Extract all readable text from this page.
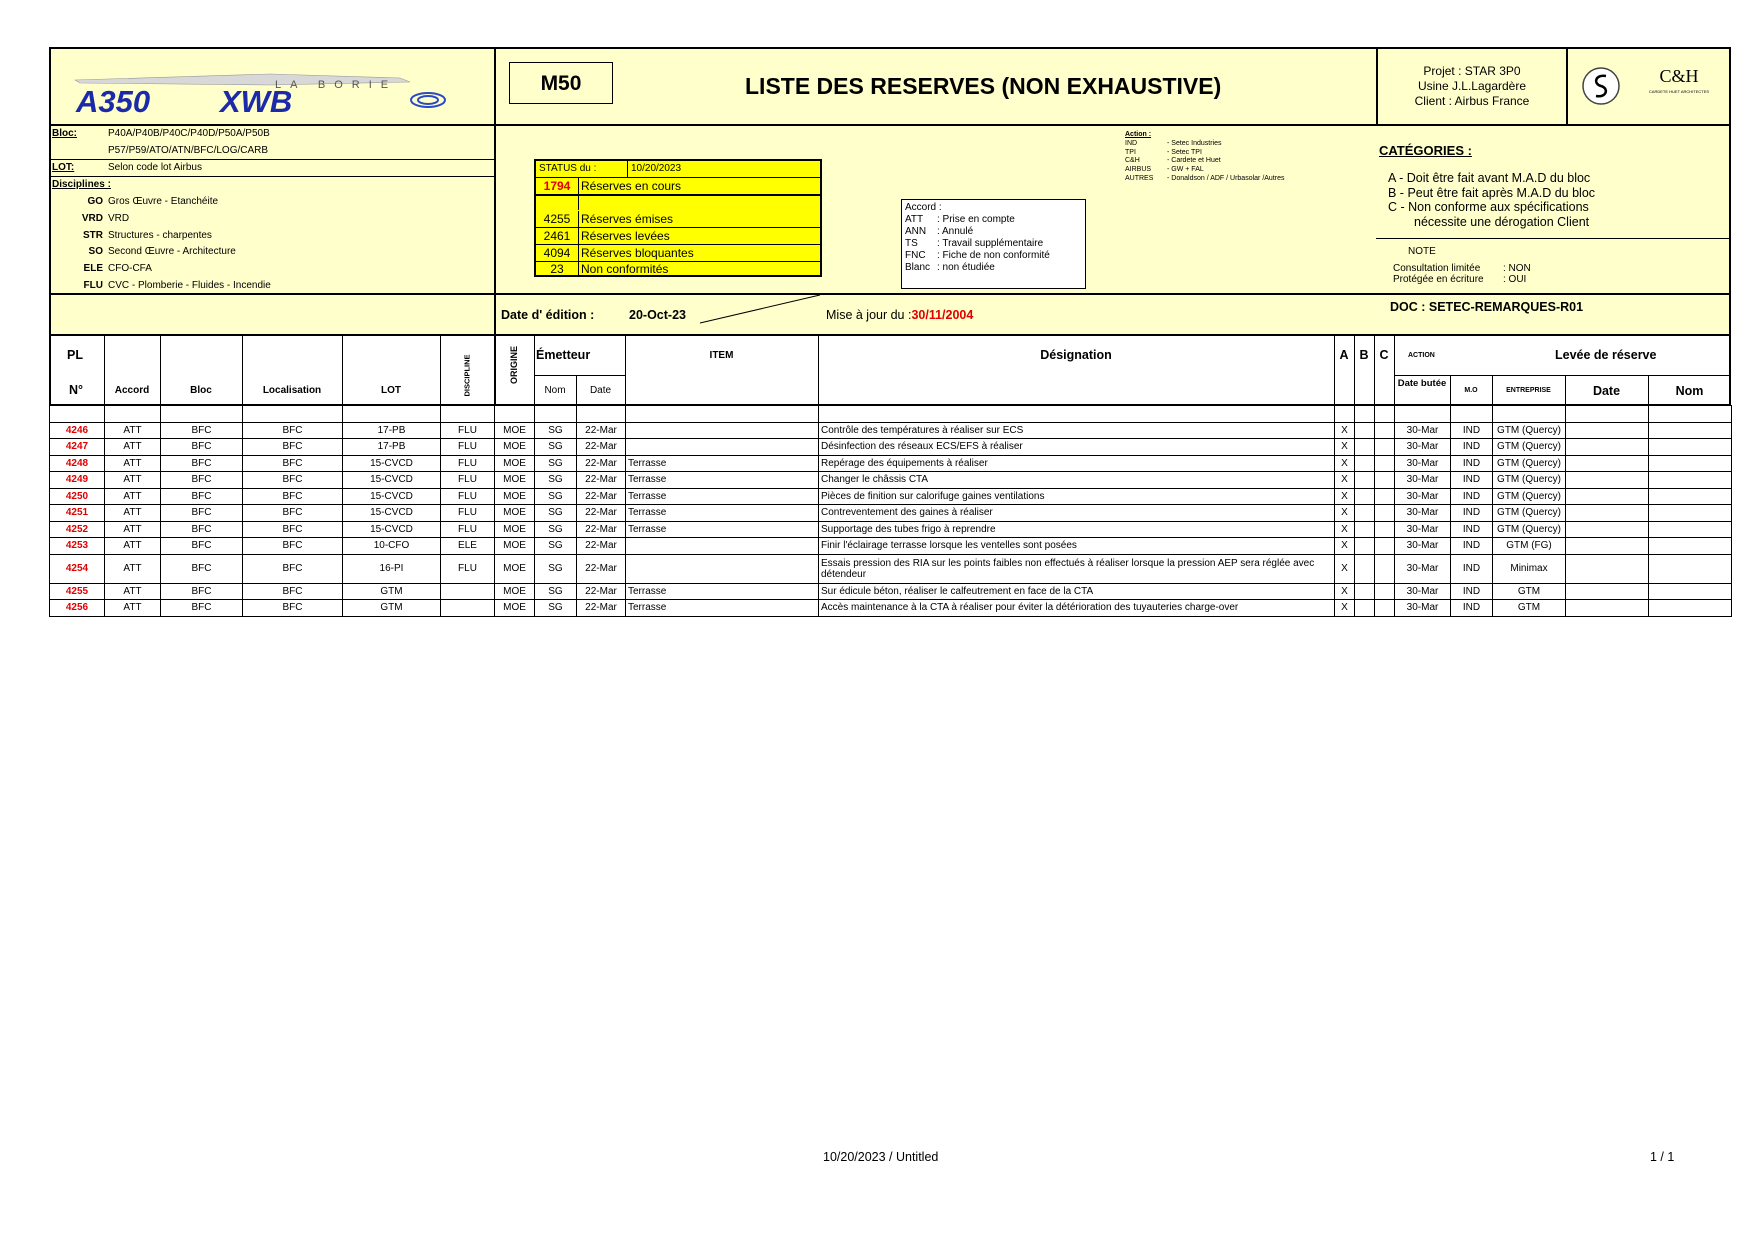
LA BORIE
A350 XWB
M50	LISTE DES RESERVES (NON EXHAUSTIVE)
Projet : STAR 3P0
Usine J.L.Lagardère
Client : Airbus France
C&H
CARDETE HUET ARCHITECTES
Bloc:	P40A/P40B/P40C/P40D/P50A/P50B
P57/P59/ATO/ATN/BFC/LOG/CARB
LOT:	Selon code lot Airbus
Disciplines :
GO Gros Œuvre - Etanchéite
VRD VRD
STR Structures - charpentes
SO Second Œuvre - Architecture
ELE CFO-CFA
FLU CVC - Plomberie - Fluides - Incendie
STATUS du :	10/20/2023
1794 Réserves en cours
4255 Réserves émises
2461 Réserves levées
4094 Réserves bloquantes
23	Non conformités
Accord :
ATT : Prise en compte
ANN : Annulé
TS : Travail supplémentaire
FNC : Fiche de non conformité
Blanc : non étudiée
Action :
IND	- Setec Industries
TPI	- Setec TPI
C&H	- Cardete et Huet
AIRBUS - GW + FAL
AUTRES - Donaldson / ADF / Urbasolar /Autres
CATÉGORIES :
A - Doit être fait avant M.A.D du bloc
B - Peut être fait après M.A.D du bloc
C - Non conforme aux spécifications
nécessite une dérogation Client
NOTE
Consultation limitée : NON
Protégée en écriture : OUI
DOC : SETEC-REMARQUES-R01
Date d' édition :	20-Oct-23	Mise à jour du :30/11/2004
PL
N°	Accord	Bloc	Localisation	LOT	DISCIPLINE	ORIGINE Émetteur
Nom	Date
ITEM	Désignation	A B C	ACTION	Levée de réserve
Date butée
M.O	ENTREPRISE	Date	Nom

4246	ATT	BFC	BFC	17-PB	FLU	MOE	SG	22-Mar		Contrôle des températures à réaliser sur ECS	X			30-Mar	IND	GTM (Quercy)		
4247	ATT	BFC	BFC	17-PB	FLU	MOE	SG	22-Mar		Désinfection des réseaux ECS/EFS à réaliser	X			30-Mar	IND	GTM (Quercy)		
4248	ATT	BFC	BFC	15-CVCD	FLU	MOE	SG	22-Mar	Terrasse	Repérage des équipements à réaliser	X			30-Mar	IND	GTM (Quercy)		
4249	ATT	BFC	BFC	15-CVCD	FLU	MOE	SG	22-Mar	Terrasse	Changer le châssis CTA	X			30-Mar	IND	GTM (Quercy)		
4250	ATT	BFC	BFC	15-CVCD	FLU	MOE	SG	22-Mar	Terrasse	Pièces de finition sur calorifuge gaines ventilations	X			30-Mar	IND	GTM (Quercy)		
4251	ATT	BFC	BFC	15-CVCD	FLU	MOE	SG	22-Mar	Terrasse	Contreventement des gaines à réaliser	X			30-Mar	IND	GTM (Quercy)		
4252	ATT	BFC	BFC	15-CVCD	FLU	MOE	SG	22-Mar	Terrasse	Supportage des tubes frigo à reprendre	X			30-Mar	IND	GTM (Quercy)		
4253	ATT	BFC	BFC	10-CFO	ELE	MOE	SG	22-Mar		Finir l'éclairage terrasse lorsque les ventelles sont posées	X			30-Mar	IND	GTM (FG)		
4254	ATT	BFC	BFC	16-PI	FLU	MOE	SG	22-Mar		Essais pression des RIA sur les points faibles non effectués à réaliser lorsque la pression AEP sera réglée avec détendeur	X			30-Mar	IND	Minimax		
4255	ATT	BFC	BFC	GTM		MOE	SG	22-Mar	Terrasse	Sur édicule béton, réaliser le calfeutrement en face de la CTA	X			30-Mar	IND	GTM		
4256	ATT	BFC	BFC	GTM		MOE	SG	22-Mar	Terrasse	Accès maintenance à la CTA à réaliser pour éviter la détérioration des tuyauteries charge-over	X			30-Mar	IND	GTM		
10/20/2023 / Untitled	1 / 1
